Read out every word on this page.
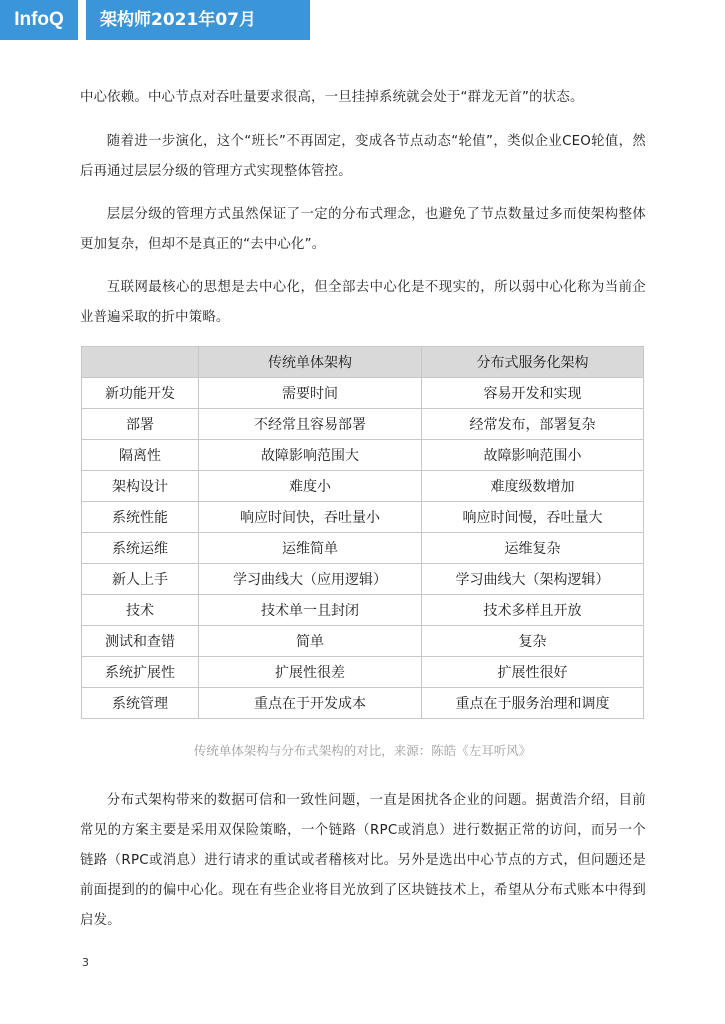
InfoQ	架构师2021年07月

中心依赖。中心节点对吞吐量要求很高，一旦挂掉系统就会处于“群龙无首”的状态。

随着进一步演化，这个“班长”不再固定，变成各节点动态“轮值”，类似企业CEO轮值，然后再通过层层分级的管理方式实现整体管控。

层层分级的管理方式虽然保证了一定的分布式理念，也避免了节点数量过多而使架构整体更加复杂，但却不是真正的“去中心化”。

互联网最核心的思想是去中心化，但全部去中心化是不现实的，所以弱中心化称为当前企业普遍采取的折中策略。

	传统单体架构	分布式服务化架构
新功能开发	需要时间	容易开发和实现
部署	不经常且容易部署	经常发布，部署复杂
隔离性	故障影响范围大	故障影响范围小
架构设计	难度小	难度级数增加
系统性能	响应时间快，吞吐量小	响应时间慢，吞吐量大
系统运维	运维简单	运维复杂
新人上手	学习曲线大（应用逻辑）	学习曲线大（架构逻辑）
技术	技术单一且封闭	技术多样且开放
测试和查错	简单	复杂
系统扩展性	扩展性很差	扩展性很好
系统管理	重点在于开发成本	重点在于服务治理和调度
传统单体架构与分布式架构的对比，来源：陈皓《左耳听风》

分布式架构带来的数据可信和一致性问题，一直是困扰各企业的问题。据黄浩介绍，目前常见的方案主要是采用双保险策略，一个链路（RPC或消息）进行数据正常的访问，而另一个链路（RPC或消息）进行请求的重试或者稽核对比。另外是选出中心节点的方式，但问题还是前面提到的的偏中心化。现在有些企业将目光放到了区块链技术上，希望从分布式账本中得到启发。

3
